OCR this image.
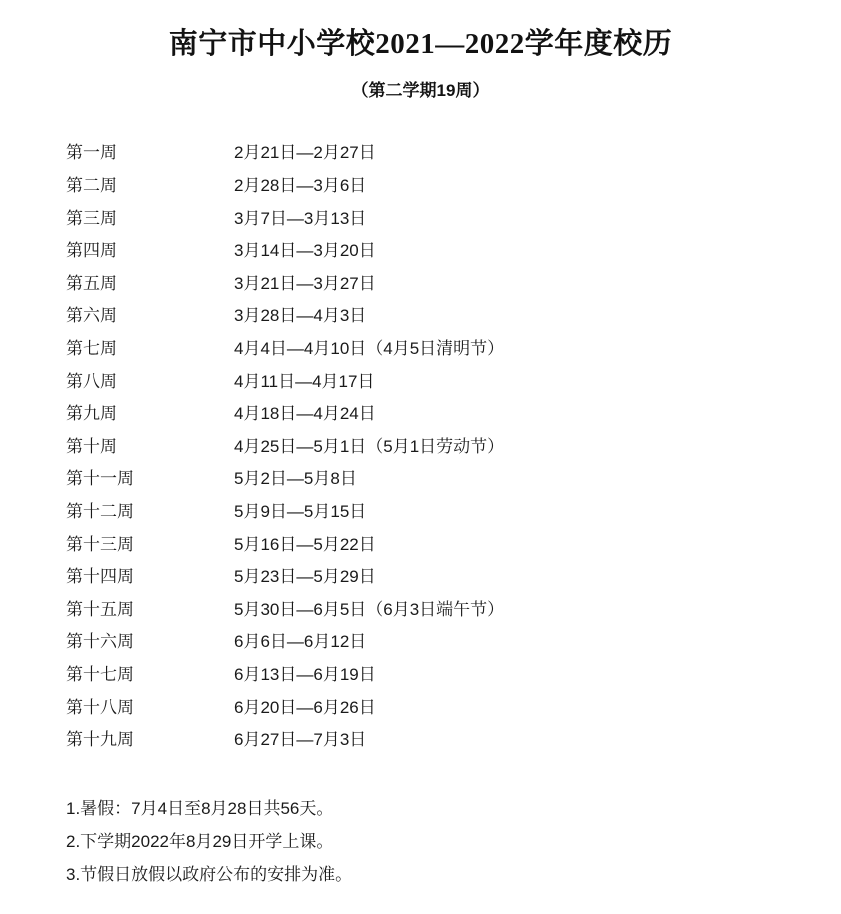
南宁市中小学校2021—2022学年度校历
（第二学期19周）
第一周	2月21日—2月27日
第二周	2月28日—3月6日
第三周	3月7日—3月13日
第四周	3月14日—3月20日
第五周	3月21日—3月27日
第六周	3月28日—4月3日
第七周	4月4日—4月10日（4月5日清明节）
第八周	4月11日—4月17日
第九周	4月18日—4月24日
第十周	4月25日—5月1日（5月1日劳动节）
第十一周	5月2日—5月8日
第十二周	5月9日—5月15日
第十三周	5月16日—5月22日
第十四周	5月23日—5月29日
第十五周	5月30日—6月5日（6月3日端午节）
第十六周	6月6日—6月12日
第十七周	6月13日—6月19日
第十八周	6月20日—6月26日
第十九周	6月27日—7月3日
1.暑假：7月4日至8月28日共56天。
2.下学期2022年8月29日开学上课。
3.节假日放假以政府公布的安排为准。
